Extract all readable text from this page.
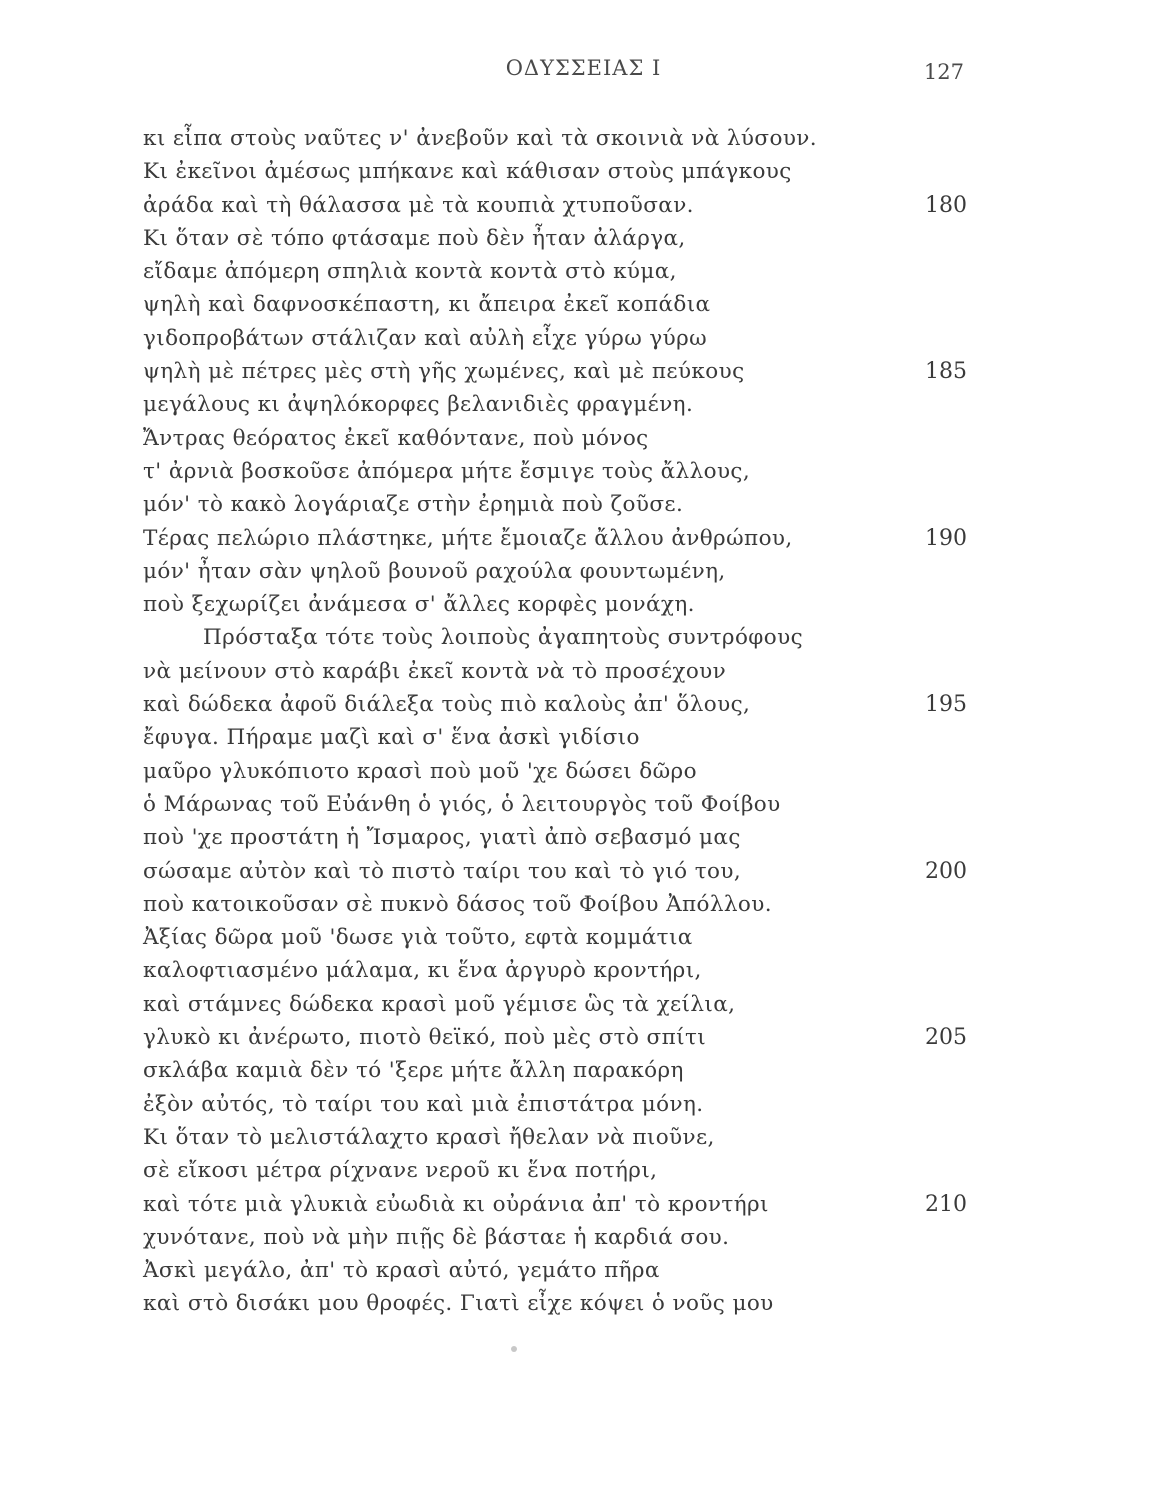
ΟΔΥΣΣΕΙΑΣ Ι	127
κι εἶπα στοὺς ναῦτες ν' ἀνεβοῦν καὶ τὰ σκοινιὰ νὰ λύσουν.
Κι ἐκεῖνοι ἀμέσως μπήκανε καὶ κάθισαν στοὺς μπάγκους
ἀράδα καὶ τὴ θάλασσα μὲ τὰ κουπιὰ χτυποῦσαν.	180
Κι ὅταν σὲ τόπο φτάσαμε ποὺ δὲν ἦταν ἀλάργα,
εἴδαμε ἀπόμερη σπηλιὰ κοντὰ κοντὰ στὸ κύμα,
ψηλὴ καὶ δαφνοσκέπαστη, κι ἄπειρα ἐκεῖ κοπάδια
γιδοπροβάτων στάλιζαν καὶ αὐλὴ εἶχε γύρω γύρω
ψηλὴ μὲ πέτρες μὲς στὴ γῆς χωμένες, καὶ μὲ πεύκους	185
μεγάλους κι ἀψηλόκορφες βελανιδιὲς φραγμένη.
Ἄντρας θεόρατος ἐκεῖ καθόντανε, ποὺ μόνος
τ' ἀρνιὰ βοσκοῦσε ἀπόμερα μήτε ἔσμιγε τοὺς ἄλλους,
μόν' τὸ κακὸ λογάριαζε στὴν ἐρημιὰ ποὺ ζοῦσε.
Τέρας πελώριο πλάστηκε, μήτε ἔμοιαζε ἄλλου ἀνθρώπου,	190
μόν' ἦταν σὰν ψηλοῦ βουνοῦ ραχούλα φουντωμένη,
ποὺ ξεχωρίζει ἀνάμεσα σ' ἄλλες κορφὲς μονάχη.
Πρόσταξα τότε τοὺς λοιποὺς ἀγαπητοὺς συντρόφους
νὰ μείνουν στὸ καράβι ἐκεῖ κοντὰ νὰ τὸ προσέχουν
καὶ δώδεκα ἀφοῦ διάλεξα τοὺς πιὸ καλοὺς ἀπ' ὅλους,	195
ἔφυγα. Πήραμε μαζὶ καὶ σ' ἕνα ἀσκὶ γιδίσιο
μαῦρο γλυκόπιοτο κρασὶ ποὺ μοῦ 'χε δώσει δῶρο
ὁ Μάρωνας τοῦ Εὐάνθη ὁ γιός, ὁ λειτουργὸς τοῦ Φοίβου
ποὺ 'χε προστάτη ἡ Ἴσμαρος, γιατὶ ἀπὸ σεβασμό μας
σώσαμε αὐτὸν καὶ τὸ πιστὸ ταίρι του καὶ τὸ γιό του,	200
ποὺ κατοικοῦσαν σὲ πυκνὸ δάσος τοῦ Φοίβου Ἀπόλλου.
Ἀξίας δῶρα μοῦ 'δωσε γιὰ τοῦτο, εφτὰ κομμάτια
καλοφτιασμένο μάλαμα, κι ἕνα ἀργυρὸ κροντήρι,
καὶ στάμνες δώδεκα κρασὶ μοῦ γέμισε ὣς τὰ χείλια,
γλυκὸ κι ἀνέρωτο, πιοτὸ θεϊκό, ποὺ μὲς στὸ σπίτι	205
σκλάβα καμιὰ δὲν τό 'ξερε μήτε ἄλλη παρακόρη
ἐξὸν αὐτός, τὸ ταίρι του καὶ μιὰ ἐπιστάτρα μόνη.
Κι ὅταν τὸ μελιστάλαχτο κρασὶ ἤθελαν νὰ πιοῦνε,
σὲ εἴκοσι μέτρα ρίχνανε νεροῦ κι ἕνα ποτήρι,
καὶ τότε μιὰ γλυκιὰ εὐωδιὰ κι οὐράνια ἀπ' τὸ κροντήρι	210
χυνότανε, ποὺ νὰ μὴν πιῇς δὲ βάσταε ἡ καρδιά σου.
Ἀσκὶ μεγάλο, ἀπ' τὸ κρασὶ αὐτό, γεμάτο πῆρα
καὶ στὸ δισάκι μου θροφές. Γιατὶ εἶχε κόψει ὁ νοῦς μου
